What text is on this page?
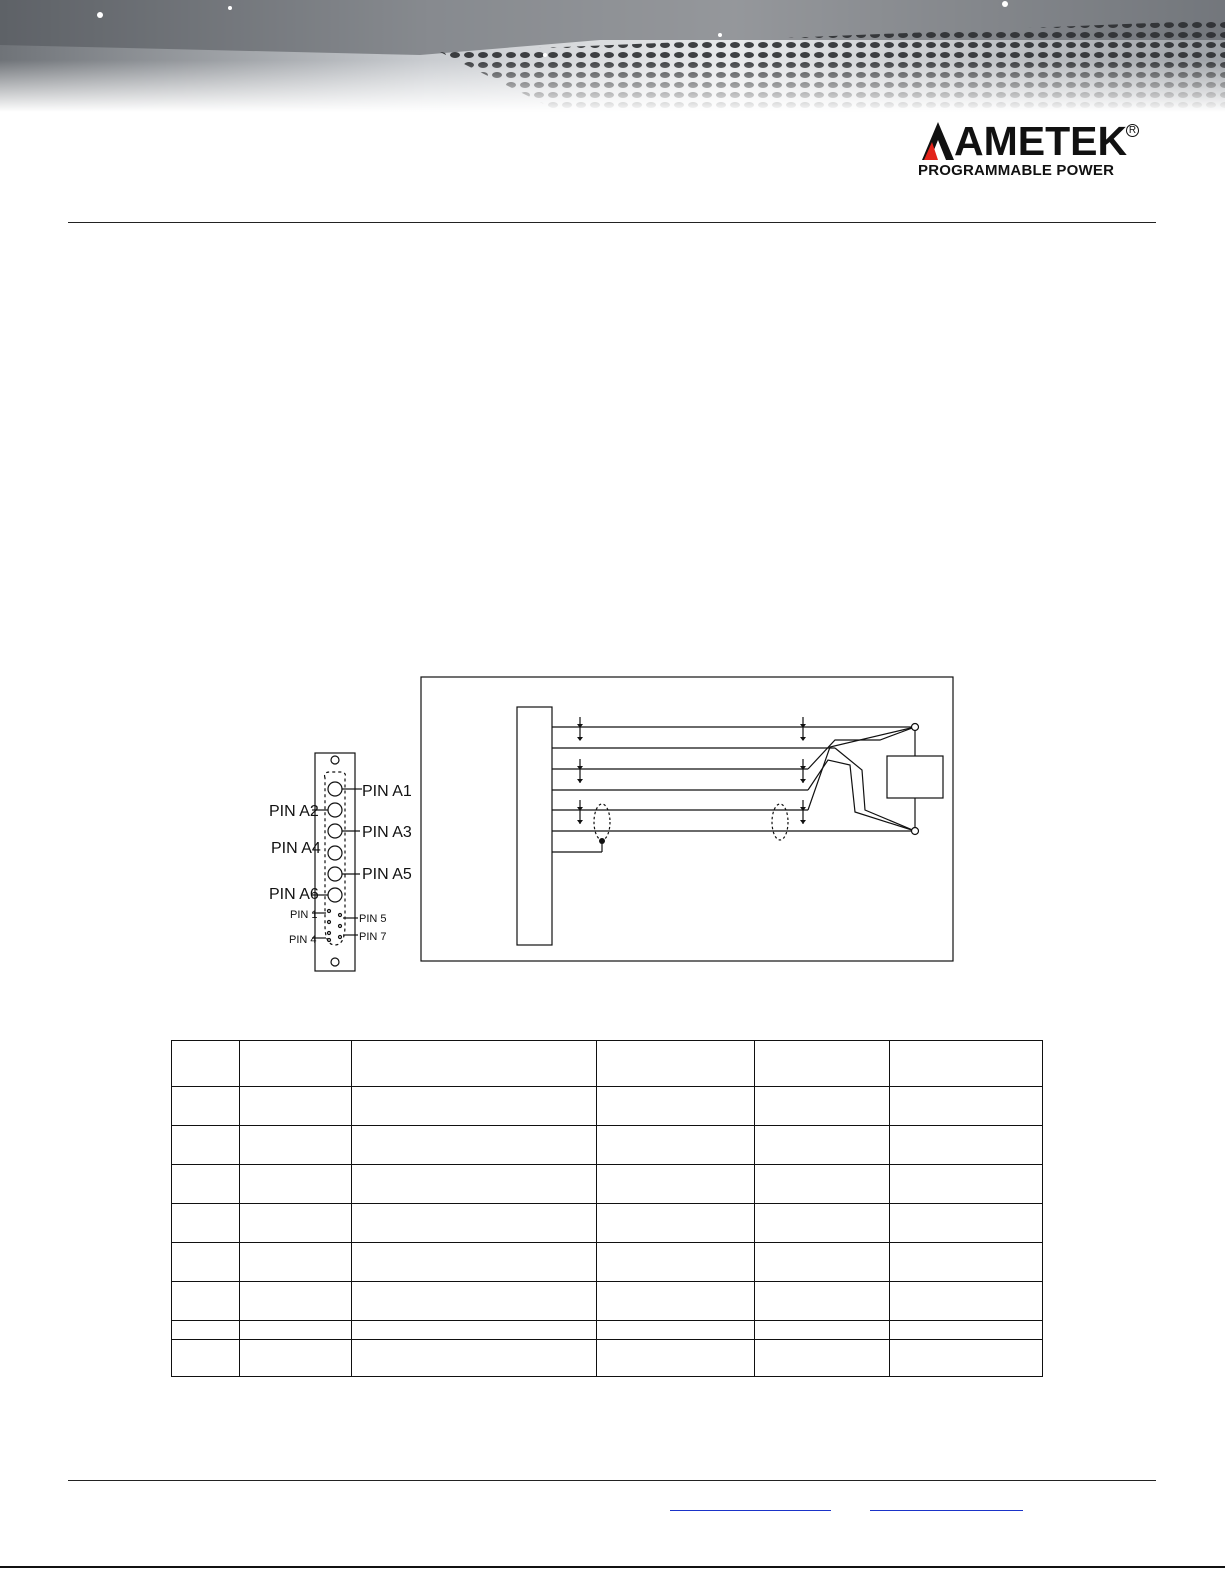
AMETEK R
PROGRAMMABLE POWER
PIN A1
PIN A2
PIN A3
PIN A4
PIN A5
PIN A6
PIN 1
PIN 4
PIN 5
PIN 7
